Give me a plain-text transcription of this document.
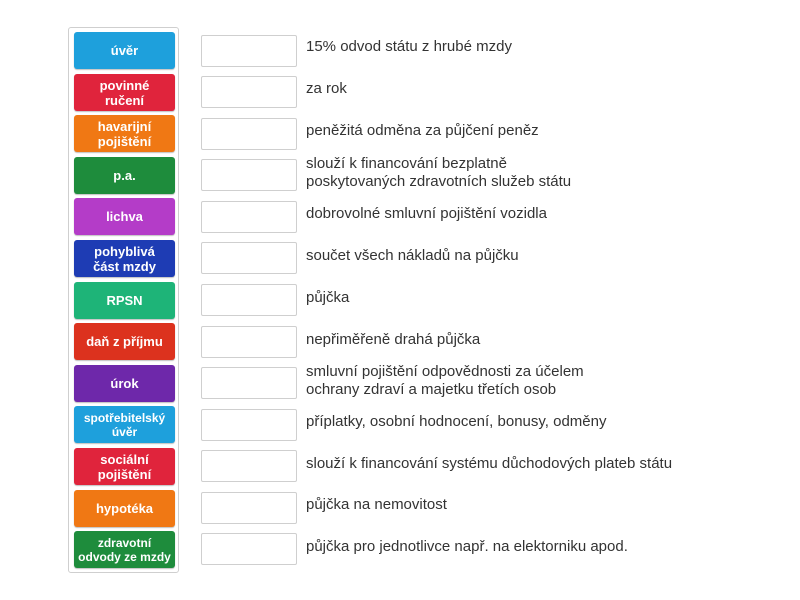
úvěr
povinné
ručení
havarijní
pojištění
p.a.
lichva
pohyblivá
část mzdy
RPSN
daň z příjmu
úrok
spotřebitelský
úvěr
sociální
pojištění
hypotéka
zdravotní
odvody ze mzdy
15% odvod státu z hrubé mzdy
za rok
peněžitá odměna za půjčení peněz
slouží k financování bezplatně
poskytovaných zdravotních služeb státu
dobrovolné smluvní pojištění vozidla
součet všech nákladů na půjčku
půjčka
nepřiměřeně drahá půjčka
smluvní pojištění odpovědnosti za účelem
ochrany zdraví a majetku třetích osob
příplatky, osobní hodnocení, bonusy, odměny
slouží k financování systému důchodových plateb státu
půjčka na nemovitost
půjčka pro jednotlivce např. na elektorniku apod.
